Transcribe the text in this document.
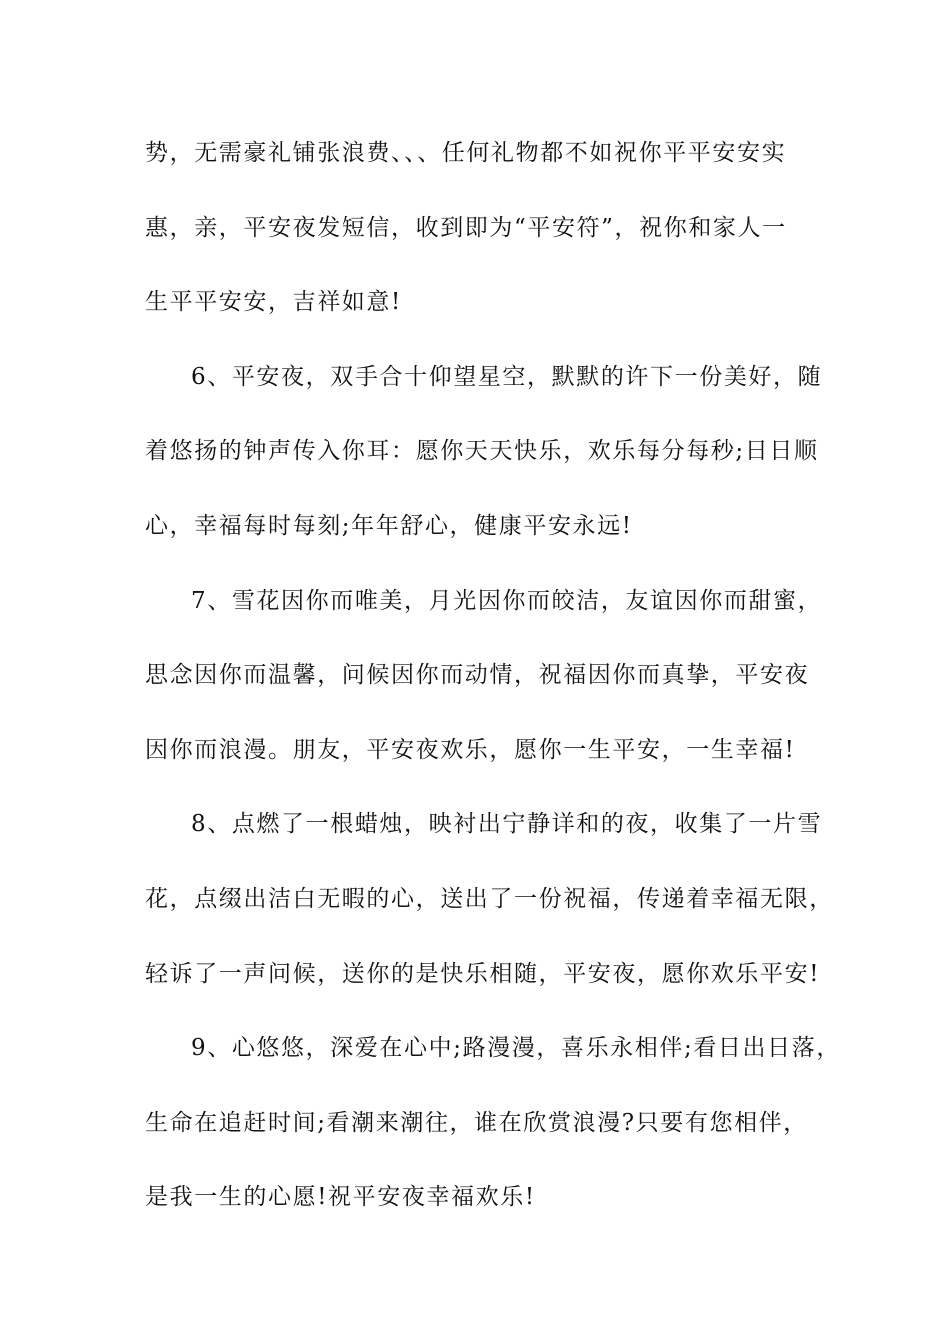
势，无需豪礼铺张浪费、、、任何礼物都不如祝你平平安安实
惠，亲，平安夜发短信，收到即为“平安符”，祝你和家人一
生平平安安，吉祥如意!
6、平安夜，双手合十仰望星空，默默的许下一份美好，随
着悠扬的钟声传入你耳：愿你天天快乐，欢乐每分每秒;日日顺
心，幸福每时每刻;年年舒心，健康平安永远!
7、雪花因你而唯美，月光因你而皎洁，友谊因你而甜蜜，
思念因你而温馨，问候因你而动情，祝福因你而真挚，平安夜
因你而浪漫。朋友，平安夜欢乐，愿你一生平安，一生幸福!
8、点燃了一根蜡烛，映衬出宁静详和的夜，收集了一片雪
花，点缀出洁白无暇的心，送出了一份祝福，传递着幸福无限，
轻诉了一声问候，送你的是快乐相随，平安夜，愿你欢乐平安!
9、心悠悠，深爱在心中;路漫漫，喜乐永相伴;看日出日落，
生命在追赶时间;看潮来潮往，谁在欣赏浪漫?只要有您相伴，
是我一生的心愿!祝平安夜幸福欢乐!
